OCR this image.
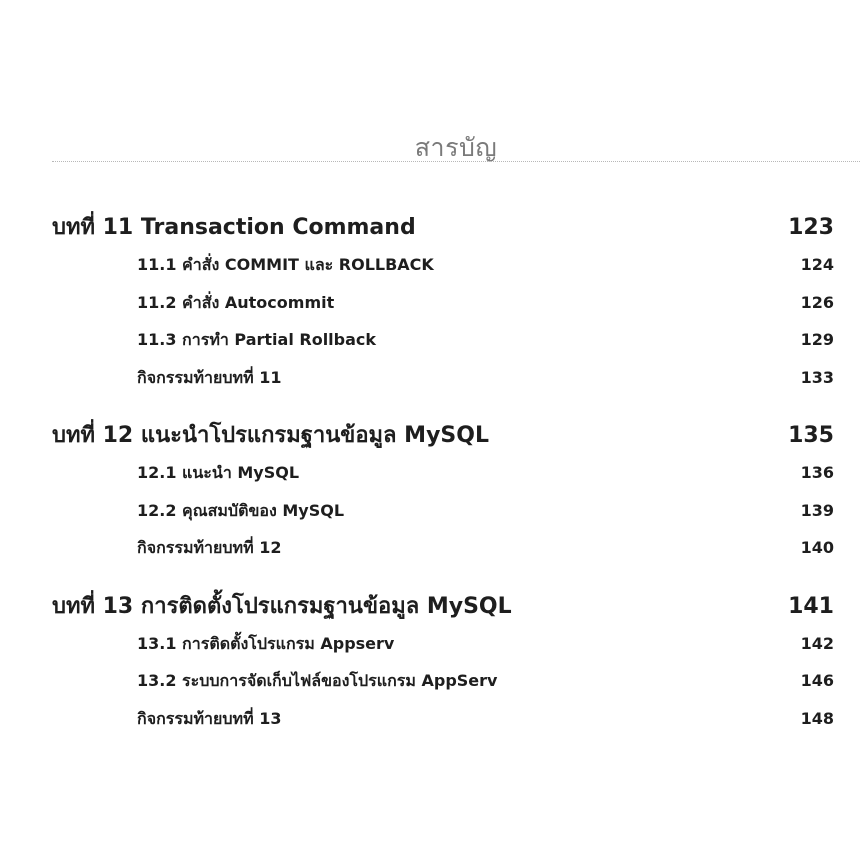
สารบัญ
บทที่ 11 Transaction Command	123
11.1 คำสั่ง COMMIT และ ROLLBACK	124
11.2 คำสั่ง Autocommit	126
11.3 การทำ Partial Rollback	129
กิจกรรมท้ายบทที่ 11	133
บทที่ 12 แนะนำโปรแกรมฐานข้อมูล MySQL	135
12.1 แนะนำ MySQL	136
12.2 คุณสมบัติของ MySQL	139
กิจกรรมท้ายบทที่ 12	140
บทที่ 13 การติดตั้งโปรแกรมฐานข้อมูล MySQL	141
13.1 การติดตั้งโปรแกรม Appserv	142
13.2 ระบบการจัดเก็บไฟล์ของโปรแกรม AppServ	146
กิจกรรมท้ายบทที่ 13	148
